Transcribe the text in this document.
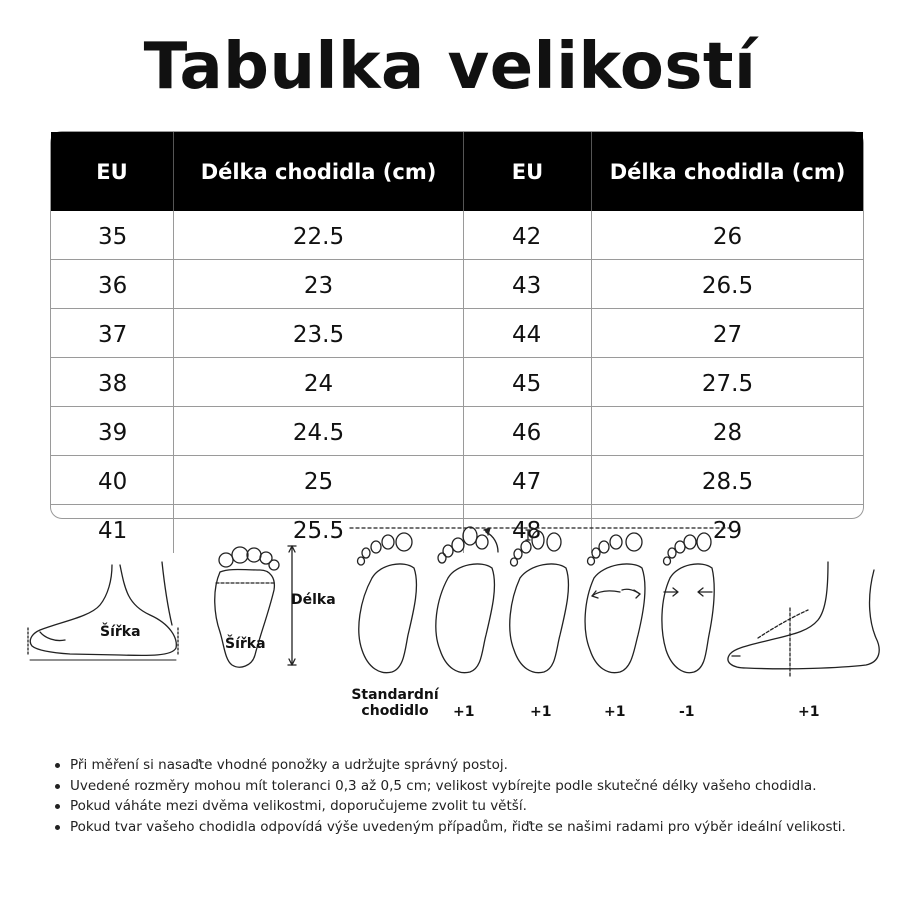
Tabulka velikostí
EU	Délka chodidla (cm)	EU	Délka chodidla (cm)
35	22.5	42	26
36	23	43	26.5
37	23.5	44	27
38	24	45	27.5
39	24.5	46	28
40	25	47	28.5
41	25.5	48	29
Šířka
Šířka
Délka
Standardní
chodidlo	+1	+1	+1	-1	+1
Při měření si nasaďte vhodné ponožky a udržujte správný postoj.
Uvedené rozměry mohou mít toleranci 0,3 až 0,5 cm; velikost vybírejte podle skutečné délky vašeho chodidla.
Pokud váháte mezi dvěma velikostmi, doporučujeme zvolit tu větší.
Pokud tvar vašeho chodidla odpovídá výše uvedeným případům, řiďte se našimi radami pro výběr ideální velikosti.
